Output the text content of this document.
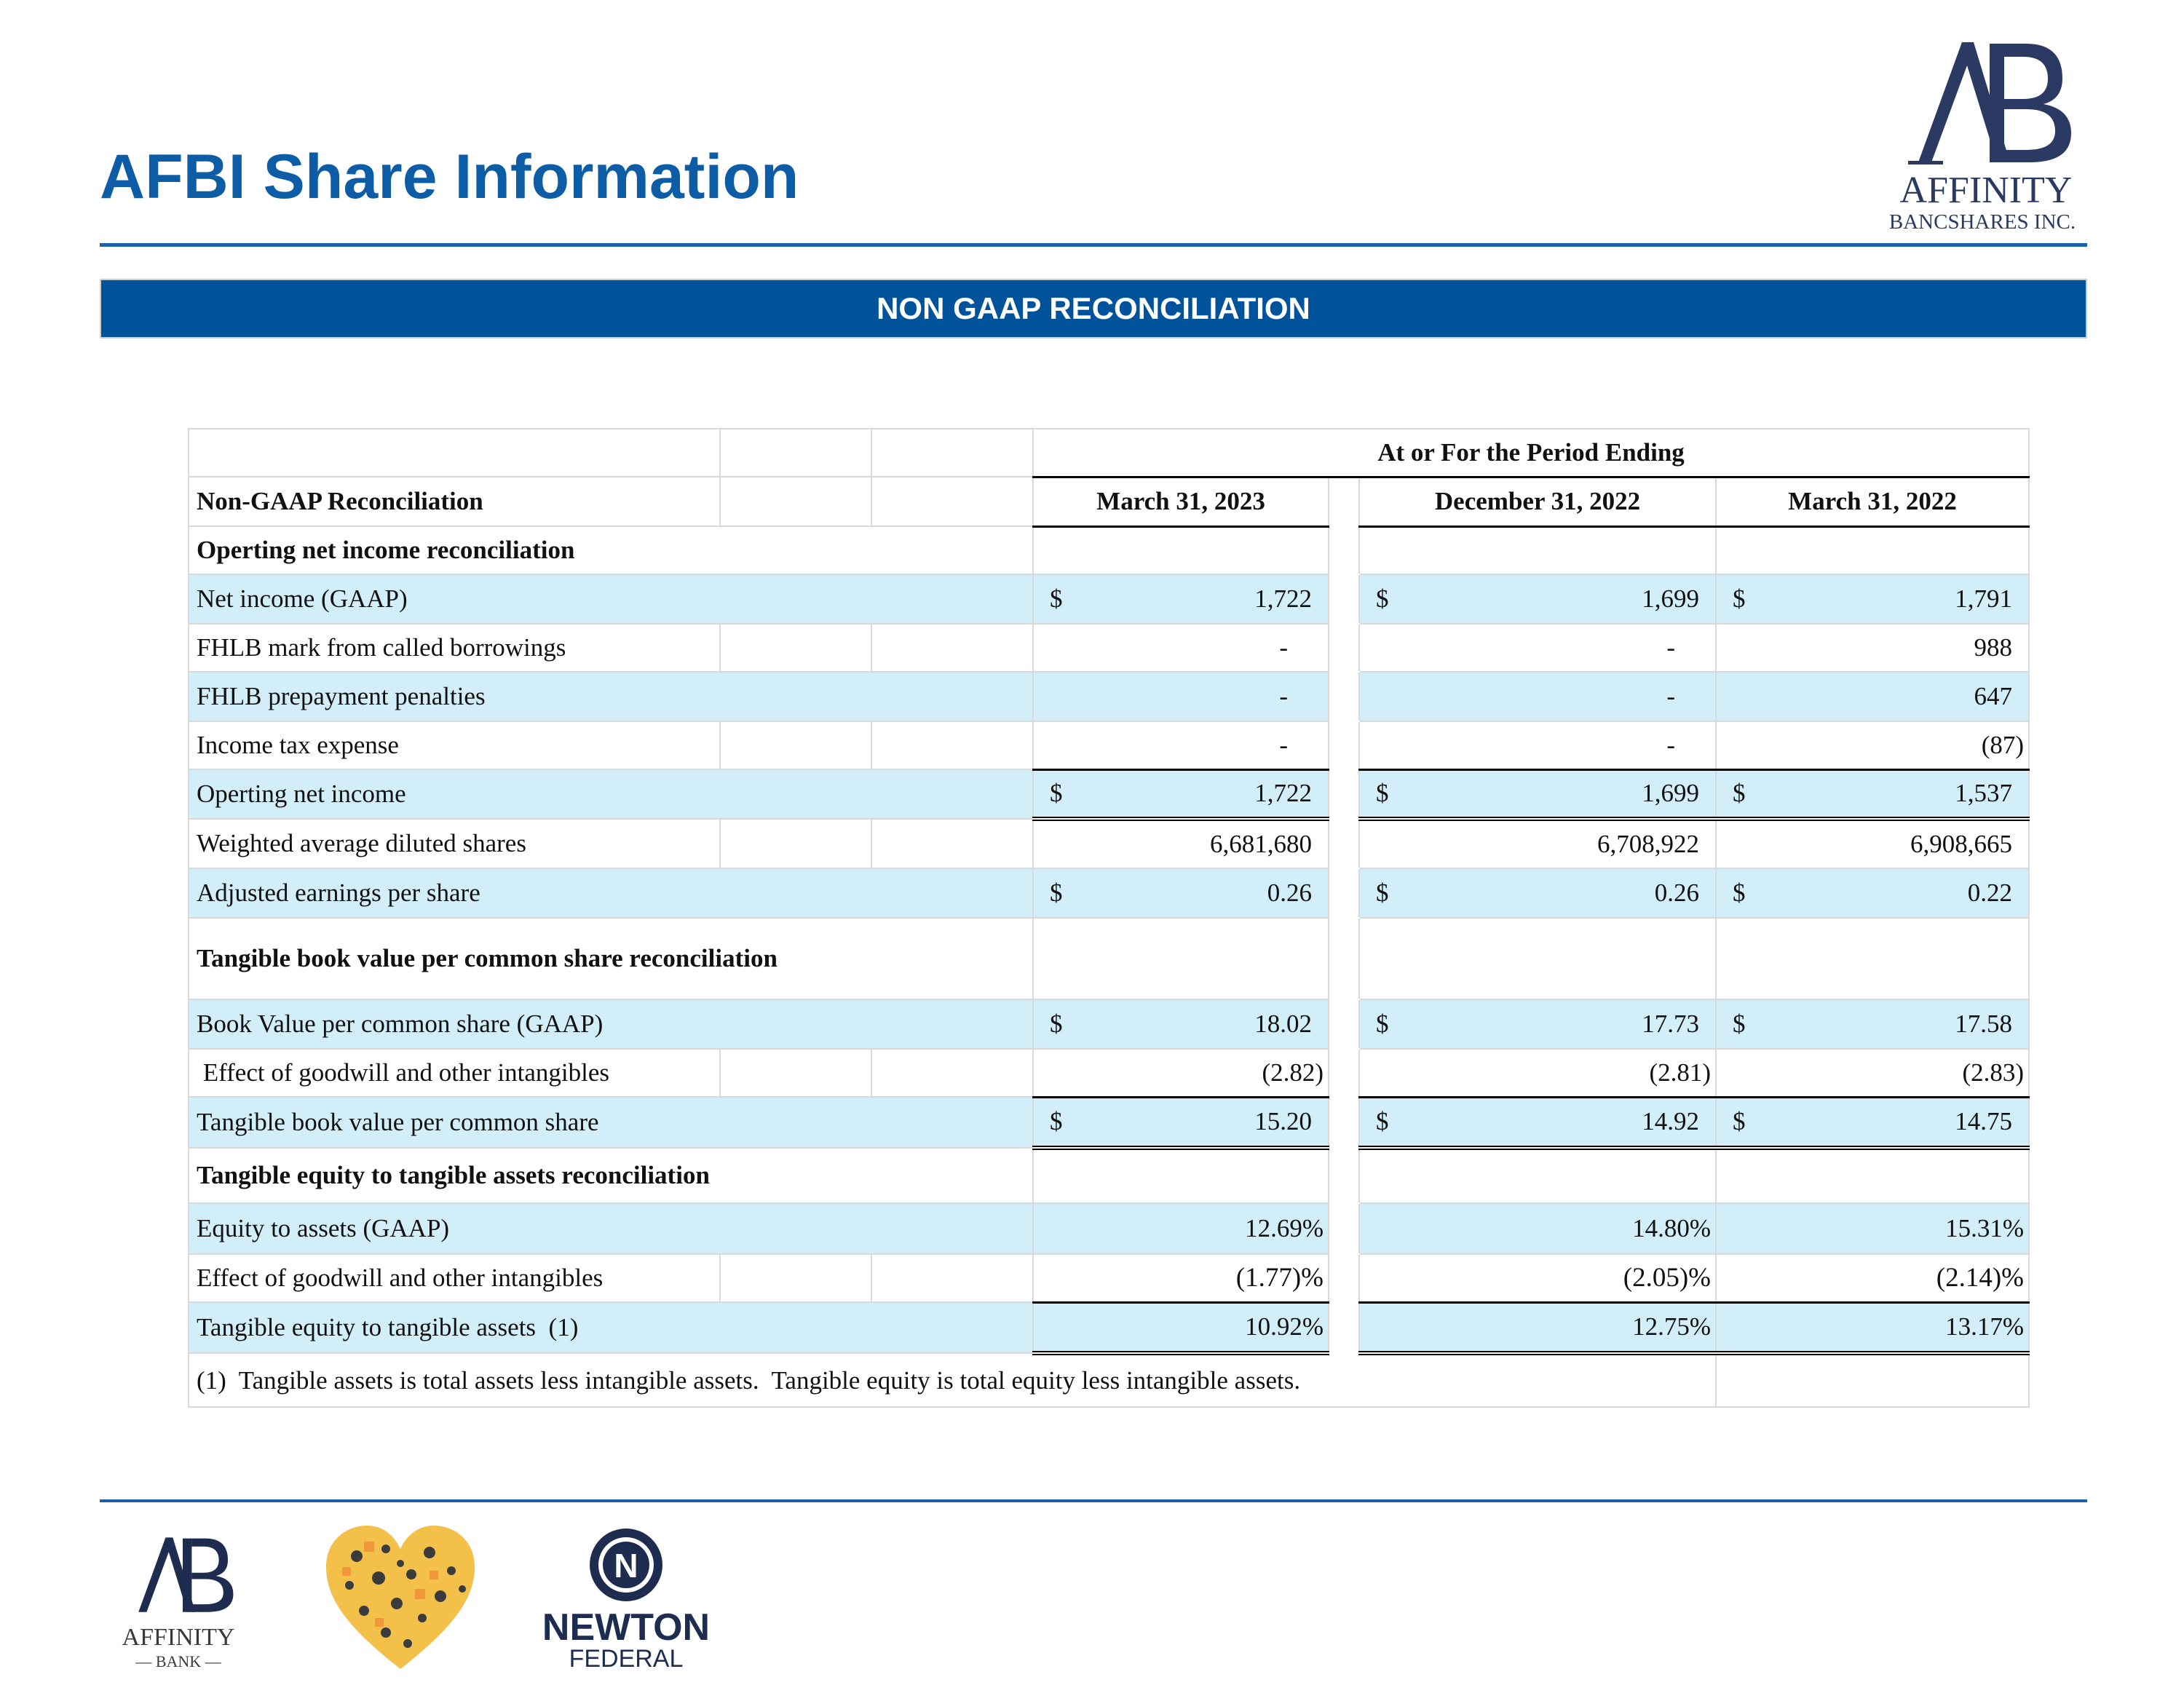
AFBI Share Information	AFFINITY
BANCSHARES INC.
NON GAAP RECONCILIATION
			At or For the Period Ending			
Non-GAAP Reconciliation			March 31, 2023		December 31, 2022	March 31, 2022
Operting net income reconciliation						
Net income (GAAP)			$ 1,722		$ 1,699	$ 1,791
FHLB mark from called borrowings			-		-	988
FHLB prepayment penalties			-		-	647
Income tax expense			-		-	(87)
Operting net income			$ 1,722		$ 1,699	$ 1,537
Weighted average diluted shares			6,681,680		6,708,922	6,908,665
Adjusted earnings per share			$ 0.26		$ 0.26	$ 0.22
Tangible book value per common share reconciliation						
Book Value per common share (GAAP)			$ 18.02		$ 17.73	$ 17.58
Effect of goodwill and other intangibles			(2.82)		(2.81)	(2.83)
Tangible book value per common share			$ 15.20		$ 14.92	$ 14.75
Tangible equity to tangible assets reconciliation						
Equity to assets (GAAP)			12.69%		14.80%	15.31%
Effect of goodwill and other intangibles			(1.77)%		(2.05)%	(2.14)%
Tangible equity to tangible assets  (1)			10.92%		12.75%	13.17%
(1)  Tangible assets is total assets less intangible assets.  Tangible equity is total equity less intangible assets.						
AFFINITY
— BANK —
N
NEWTON
FEDERAL
